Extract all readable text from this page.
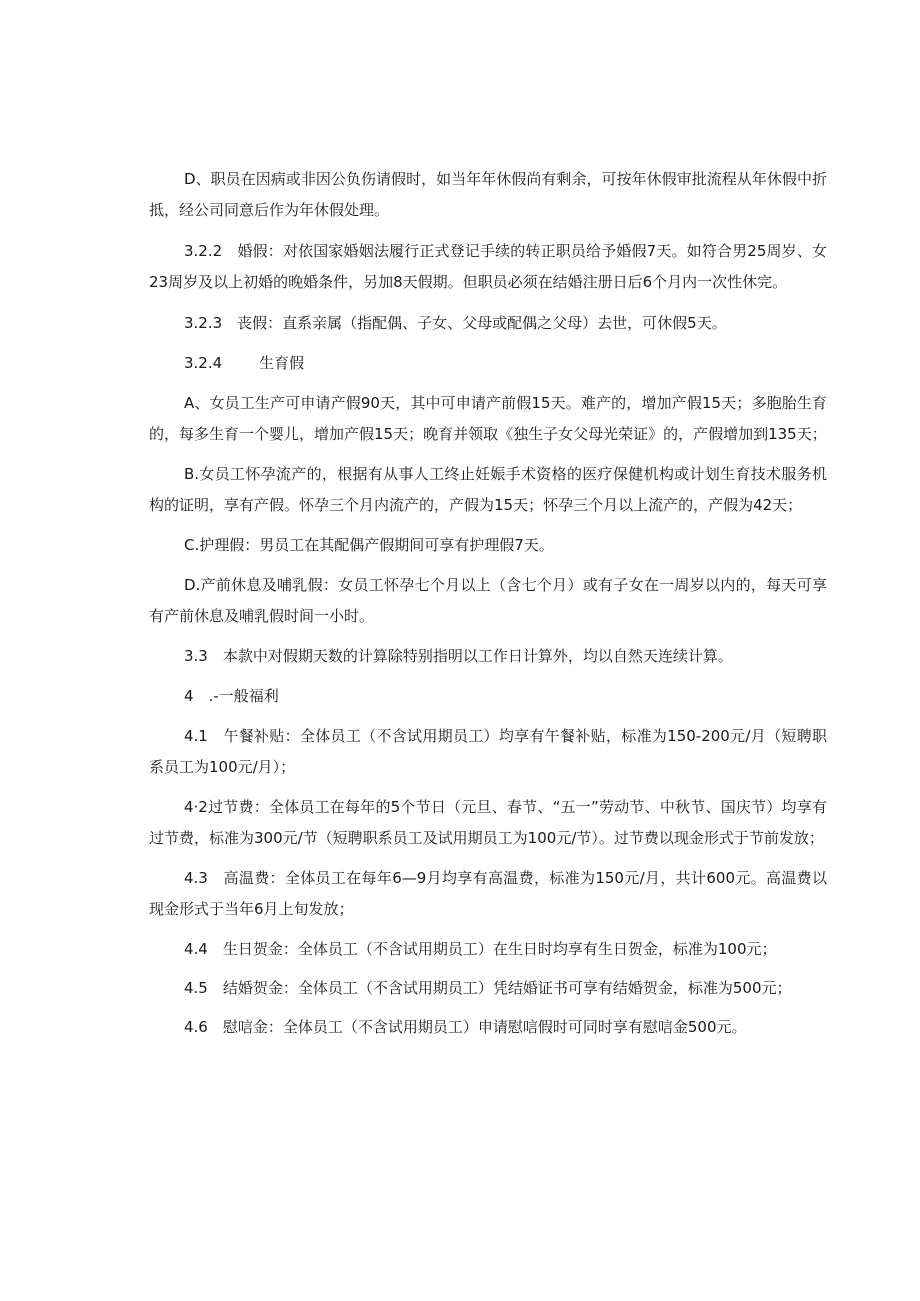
D、职员在因病或非因公负伤请假时，如当年年休假尚有剩余，可按年休假审批流程从年休假中折抵，经公司同意后作为年休假处理。

3.2.2　婚假：对依国家婚姻法履行正式登记手续的转正职员给予婚假7天。如符合男25周岁、女23周岁及以上初婚的晚婚条件，另加8天假期。但职员必须在结婚注册日后6个月内一次性休完。

3.2.3　丧假：直系亲属（指配偶、子女、父母或配偶之父母）去世，可休假5天。

3.2.4 生育假

A、女员工生产可申请产假90天，其中可申请产前假15天。难产的，增加产假15天；多胞胎生育的，每多生育一个婴儿，增加产假15天；晚育并领取《独生子女父母光荣证》的，产假增加到135天；

B.女员工怀孕流产的，根据有从事人工终止妊娠手术资格的医疗保健机构或计划生育技术服务机构的证明，享有产假。怀孕三个月内流产的，产假为15天；怀孕三个月以上流产的，产假为42天；

C.护理假：男员工在其配偶产假期间可享有护理假7天。

D.产前休息及哺乳假：女员工怀孕七个月以上（含七个月）或有子女在一周岁以内的，每天可享有产前休息及哺乳假时间一小时。

3.3　本款中对假期天数的计算除特别指明以工作日计算外，均以自然天连续计算。

4　.-一般福利

4.1　午餐补贴：全体员工（不含试用期员工）均享有午餐补贴，标准为150-200元/月（短聘职系员工为100元/月）；

4·2过节费：全体员工在每年的5个节日（元旦、春节、“五一”劳动节、中秋节、国庆节）均享有过节费，标准为300元/节（短聘职系员工及试用期员工为100元/节）。过节费以现金形式于节前发放；

4.3　高温费：全体员工在每年6—9月均享有高温费，标准为150元/月，共计600元。高温费以现金形式于当年6月上旬发放；

4.4　生日贺金：全体员工（不含试用期员工）在生日时均享有生日贺金，标准为100元；

4.5　结婚贺金：全体员工（不含试用期员工）凭结婚证书可享有结婚贺金，标准为500元；

4.6　慰唁金：全体员工（不含试用期员工）申请慰唁假时可同时享有慰唁金500元。
